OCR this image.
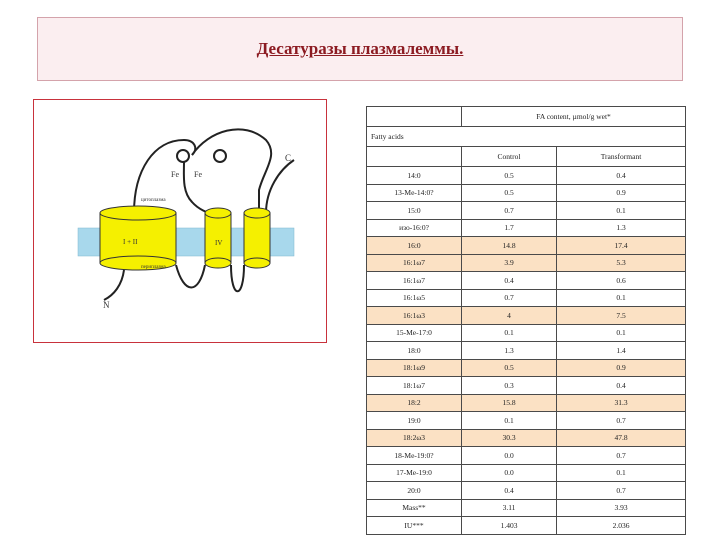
Десатуразы плазмалеммы.
Fe Fe
C
N
I + II	IV
цитоплазма
периплазма
	FA content, µmol/g wet*	
Fatty acids		
	Control	Transformant
14:0	0.5	0.4
13-Me-14:0?	0.5	0.9
15:0	0.7	0.1
изо-16:0?	1.7	1.3
16:0	14.8	17.4
16:1ω7	3.9	5.3
16:1ω7	0.4	0.6
16:1ω5	0.7	0.1
16:1ω3	4	7.5
15-Me-17:0	0.1	0.1
18:0	1.3	1.4
18:1ω9	0.5	0.9
18:1ω7	0.3	0.4
18:2	15.8	31.3
19:0	0.1	0.7
18:2ω3	30.3	47.8
18-Me-19:0?	0.0	0.7
17-Me-19:0	0.0	0.1
20:0	0.4	0.7
Mass**	3.11	3.93
IU***	1.403	2.036
